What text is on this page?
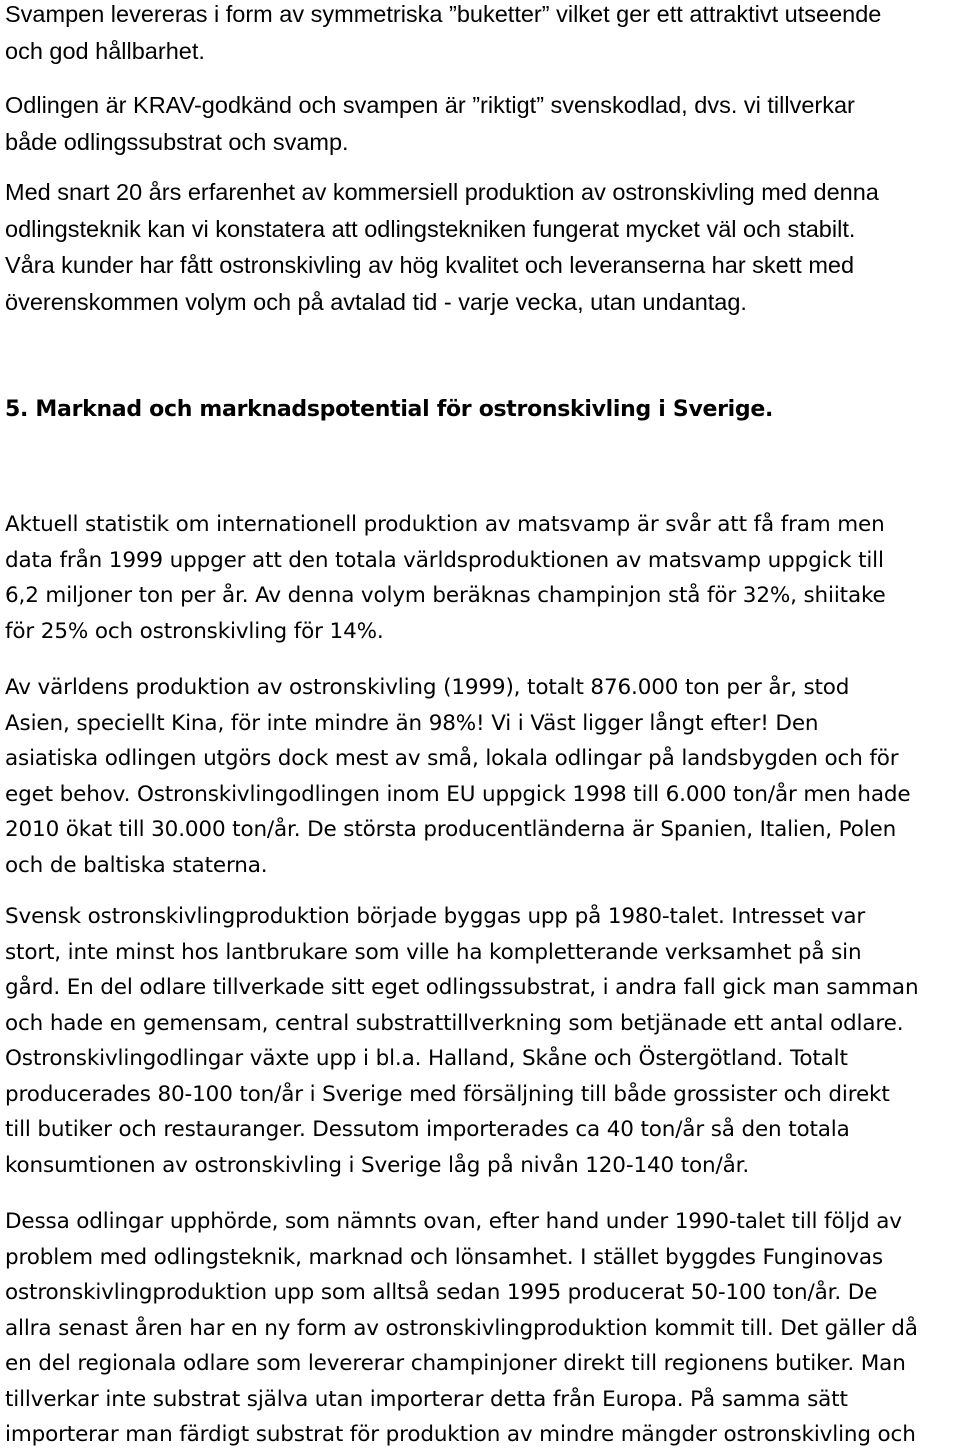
Svampen levereras i form av symmetriska ”buketter” vilket ger ett attraktivt utseende
och god hållbarhet.

Odlingen är KRAV-godkänd och svampen är ”riktigt” svenskodlad, dvs. vi tillverkar
både odlingssubstrat och svamp.

Med snart 20 års erfarenhet av kommersiell produktion av ostronskivling med denna
odlingsteknik kan vi konstatera att odlingstekniken fungerat mycket väl och stabilt.
Våra kunder har fått ostronskivling av hög kvalitet och leveranserna har skett med
överenskommen volym och på avtalad tid - varje vecka, utan undantag.

5. Marknad och marknadspotential för ostronskivling i Sverige.

Aktuell statistik om internationell produktion av matsvamp är svår att få fram men
data från 1999 uppger att den totala världsproduktionen av matsvamp uppgick till
6,2 miljoner ton per år. Av denna volym beräknas champinjon stå för 32%, shiitake
för 25% och ostronskivling för 14%.

Av världens produktion av ostronskivling (1999), totalt 876.000 ton per år, stod
Asien, speciellt Kina, för inte mindre än 98%! Vi i Väst ligger långt efter! Den
asiatiska odlingen utgörs dock mest av små, lokala odlingar på landsbygden och för
eget behov. Ostronskivlingodlingen inom EU uppgick 1998 till 6.000 ton/år men hade
2010 ökat till 30.000 ton/år. De största producentländerna är Spanien, Italien, Polen
och de baltiska staterna.

Svensk ostronskivlingproduktion började byggas upp på 1980-talet. Intresset var
stort, inte minst hos lantbrukare som ville ha kompletterande verksamhet på sin
gård. En del odlare tillverkade sitt eget odlingssubstrat, i andra fall gick man samman
och hade en gemensam, central substrattillverkning som betjänade ett antal odlare.
Ostronskivlingodlingar växte upp i bl.a. Halland, Skåne och Östergötland. Totalt
producerades 80-100 ton/år i Sverige med försäljning till både grossister och direkt
till butiker och restauranger. Dessutom importerades ca 40 ton/år så den totala
konsumtionen av ostronskivling i Sverige låg på nivån 120-140 ton/år.

Dessa odlingar upphörde, som nämnts ovan, efter hand under 1990-talet till följd av
problem med odlingsteknik, marknad och lönsamhet. I stället byggdes Funginovas
ostronskivlingproduktion upp som alltså sedan 1995 producerat 50-100 ton/år. De
allra senast åren har en ny form av ostronskivlingproduktion kommit till. Det gäller då
en del regionala odlare som levererar champinjoner direkt till regionens butiker. Man
tillverkar inte substrat själva utan importerar detta från Europa. På samma sätt
importerar man färdigt substrat för produktion av mindre mängder ostronskivling och
